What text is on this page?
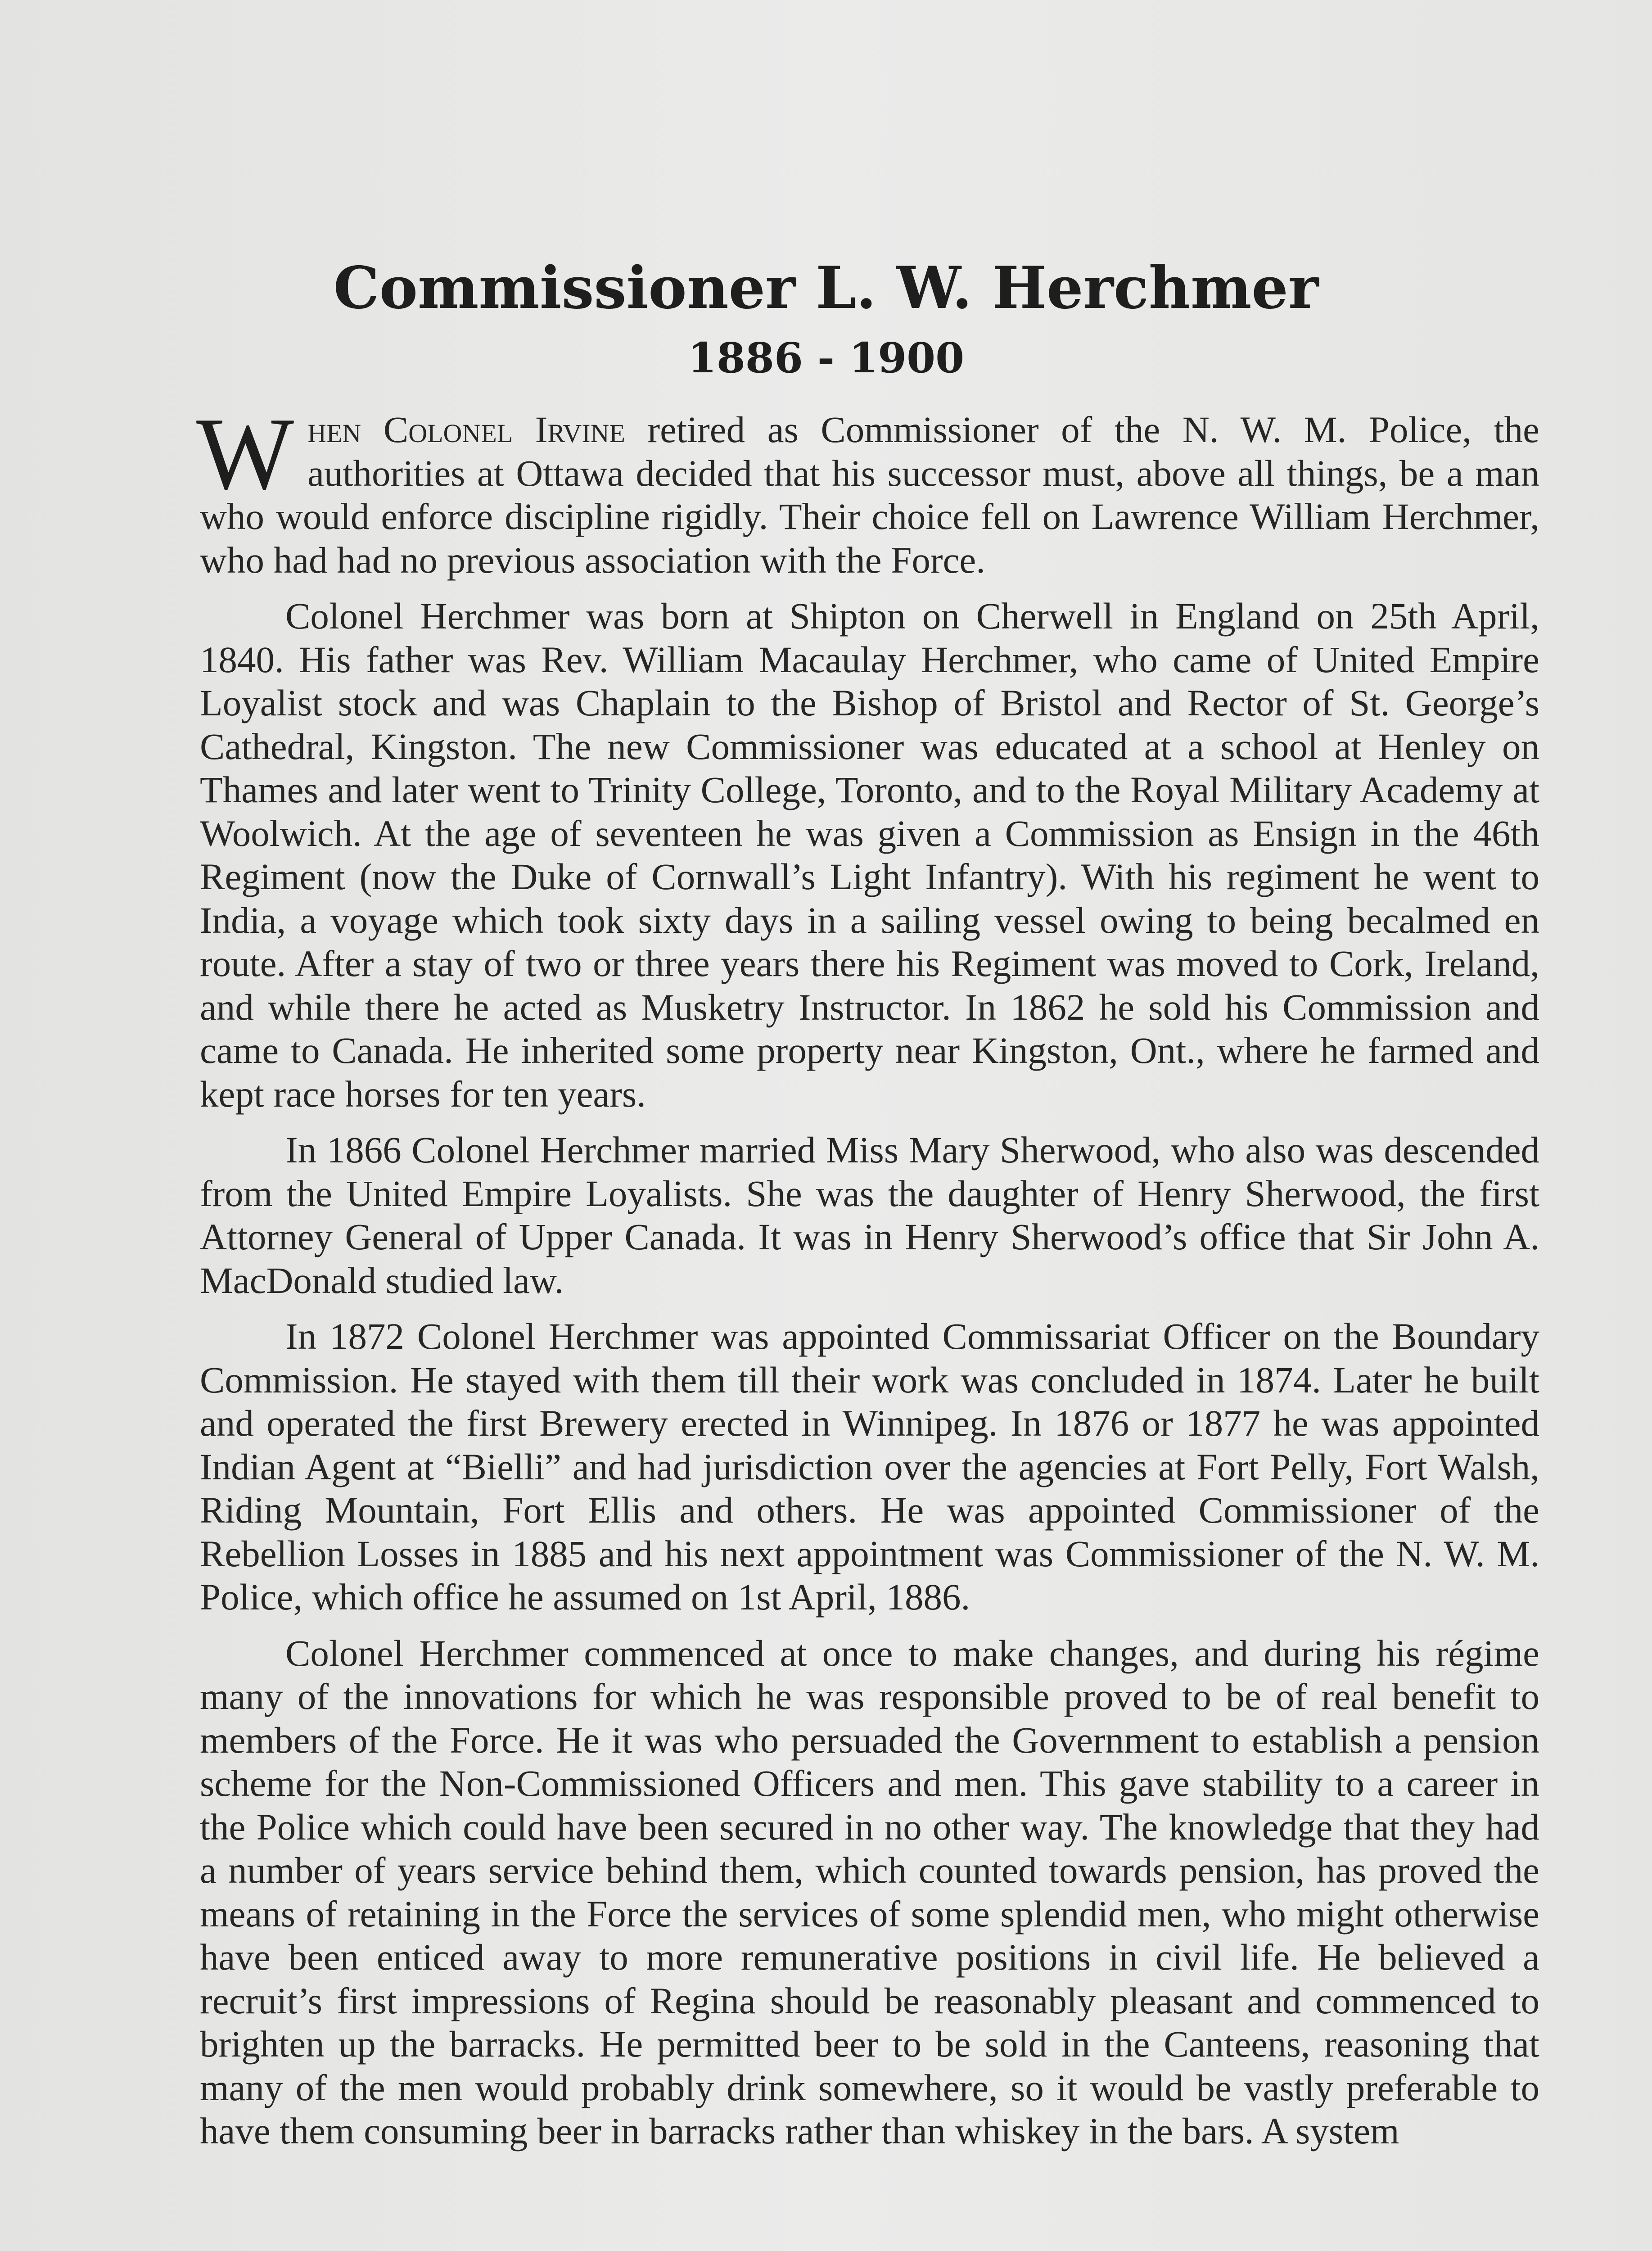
Commissioner L. W. Herchmer
1886 - 1900

When Colonel Irvine retired as Commissioner of the N. W. M. Police, the authorities at Ottawa decided that his successor must, above all things, be a man who would enforce discipline rigidly. Their choice fell on Lawrence William Herchmer, who had had no previous association with the Force.

Colonel Herchmer was born at Shipton on Cherwell in England on 25th April, 1840. His father was Rev. William Macaulay Herchmer, who came of United Empire Loyalist stock and was Chaplain to the Bishop of Bristol and Rector of St. George’s Cathedral, Kingston. The new Commissioner was educated at a school at Henley on Thames and later went to Trinity College, Toronto, and to the Royal Military Academy at Woolwich. At the age of seventeen he was given a Commission as Ensign in the 46th Regiment (now the Duke of Cornwall’s Light Infantry). With his regiment he went to India, a voyage which took sixty days in a sailing vessel owing to being becalmed en route. After a stay of two or three years there his Regiment was moved to Cork, Ireland, and while there he acted as Musketry Instructor. In 1862 he sold his Commission and came to Canada. He inherited some property near Kingston, Ont., where he farmed and kept race horses for ten years.

In 1866 Colonel Herchmer married Miss Mary Sherwood, who also was descended from the United Empire Loyalists. She was the daughter of Henry Sherwood, the first Attorney General of Upper Canada. It was in Henry Sherwood’s office that Sir John A. MacDonald studied law.

In 1872 Colonel Herchmer was appointed Commissariat Officer on the Boundary Commission. He stayed with them till their work was concluded in 1874. Later he built and operated the first Brewery erected in Winnipeg. In 1876 or 1877 he was appointed Indian Agent at “Bielli” and had jurisdiction over the agencies at Fort Pelly, Fort Walsh, Riding Mountain, Fort Ellis and others. He was appointed Commissioner of the Rebellion Losses in 1885 and his next appointment was Commissioner of the N. W. M. Police, which office he assumed on 1st April, 1886.

Colonel Herchmer commenced at once to make changes, and during his régime many of the innovations for which he was responsible proved to be of real benefit to members of the Force. He it was who persuaded the Government to establish a pension scheme for the Non-Commissioned Officers and men. This gave stability to a career in the Police which could have been secured in no other way. The knowledge that they had a number of years service behind them, which counted towards pension, has proved the means of retaining in the Force the services of some splendid men, who might otherwise have been enticed away to more remunerative positions in civil life. He believed a recruit’s first impressions of Regina should be reasonably pleasant and commenced to brighten up the barracks. He permitted beer to be sold in the Canteens, reasoning that many of the men would probably drink somewhere, so it would be vastly preferable to have them consuming beer in barracks rather than whiskey in the bars. A system
